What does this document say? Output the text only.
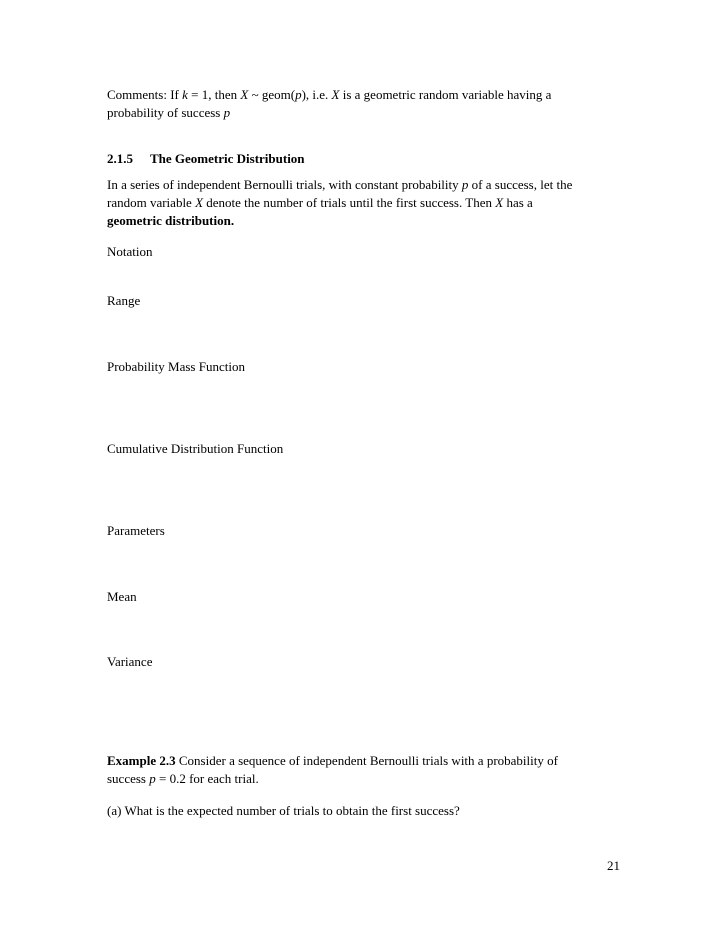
Comments: If k = 1, then X ~ geom(p), i.e. X is a geometric random variable having a
probability of success p

2.1.5 The Geometric Distribution

In a series of independent Bernoulli trials, with constant probability p of a success, let the
random variable X denote the number of trials until the first success. Then X has a
geometric distribution.

Notation

Range

Probability Mass Function

Cumulative Distribution Function

Parameters

Mean

Variance

Example 2.3 Consider a sequence of independent Bernoulli trials with a probability of
success p = 0.2 for each trial.

(a) What is the expected number of trials to obtain the first success?

21
